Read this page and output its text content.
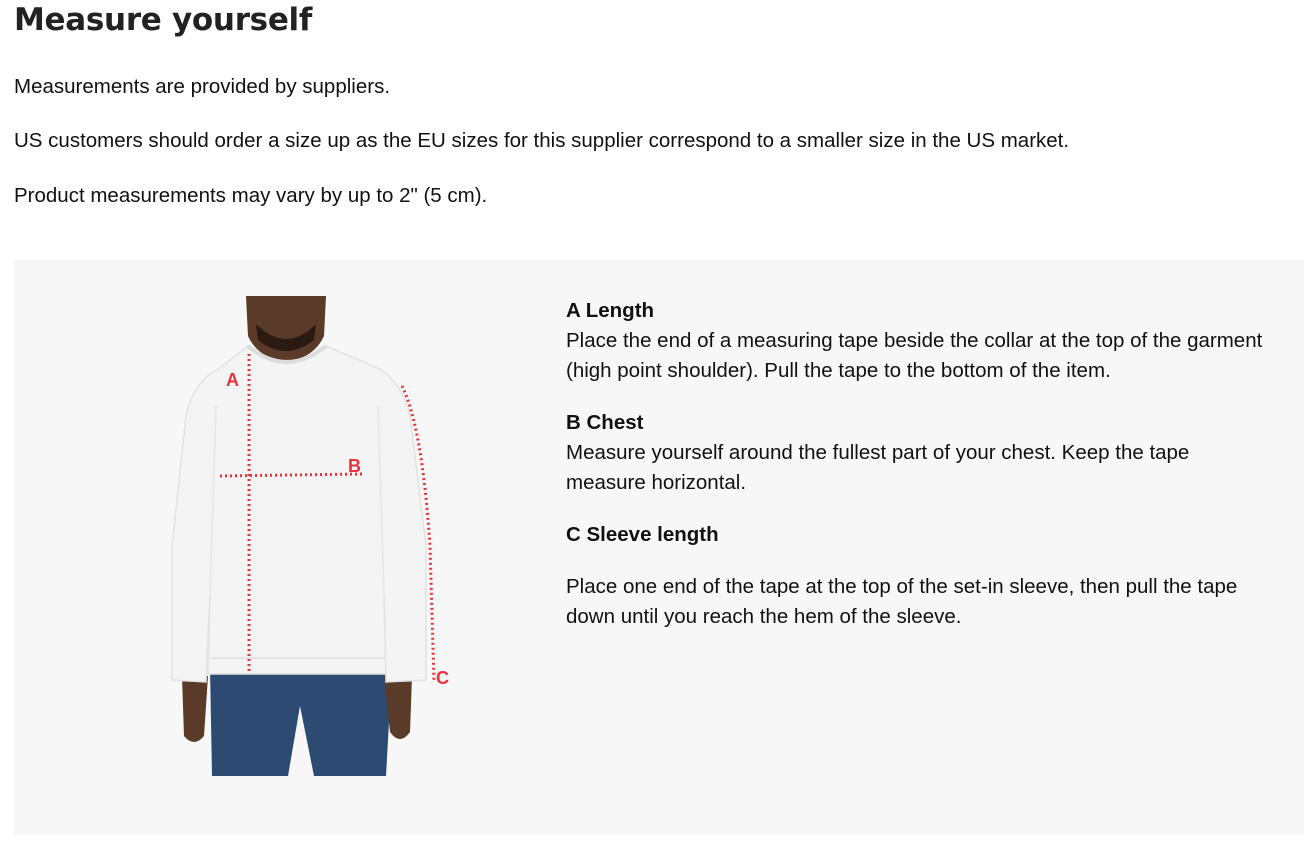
Measure yourself

Measurements are provided by suppliers.

US customers should order a size up as the EU sizes for this supplier correspond to a smaller size in the US market.

Product measurements may vary by up to 2" (5 cm).

A
B
C
A Length

Place the end of a measuring tape beside the collar at the top of the garment (high point shoulder). Pull the tape to the bottom of the item.

B Chest

Measure yourself around the fullest part of your chest. Keep the tape measure horizontal.

C Sleeve length

Place one end of the tape at the top of the set-in sleeve, then pull the tape down until you reach the hem of the sleeve.
